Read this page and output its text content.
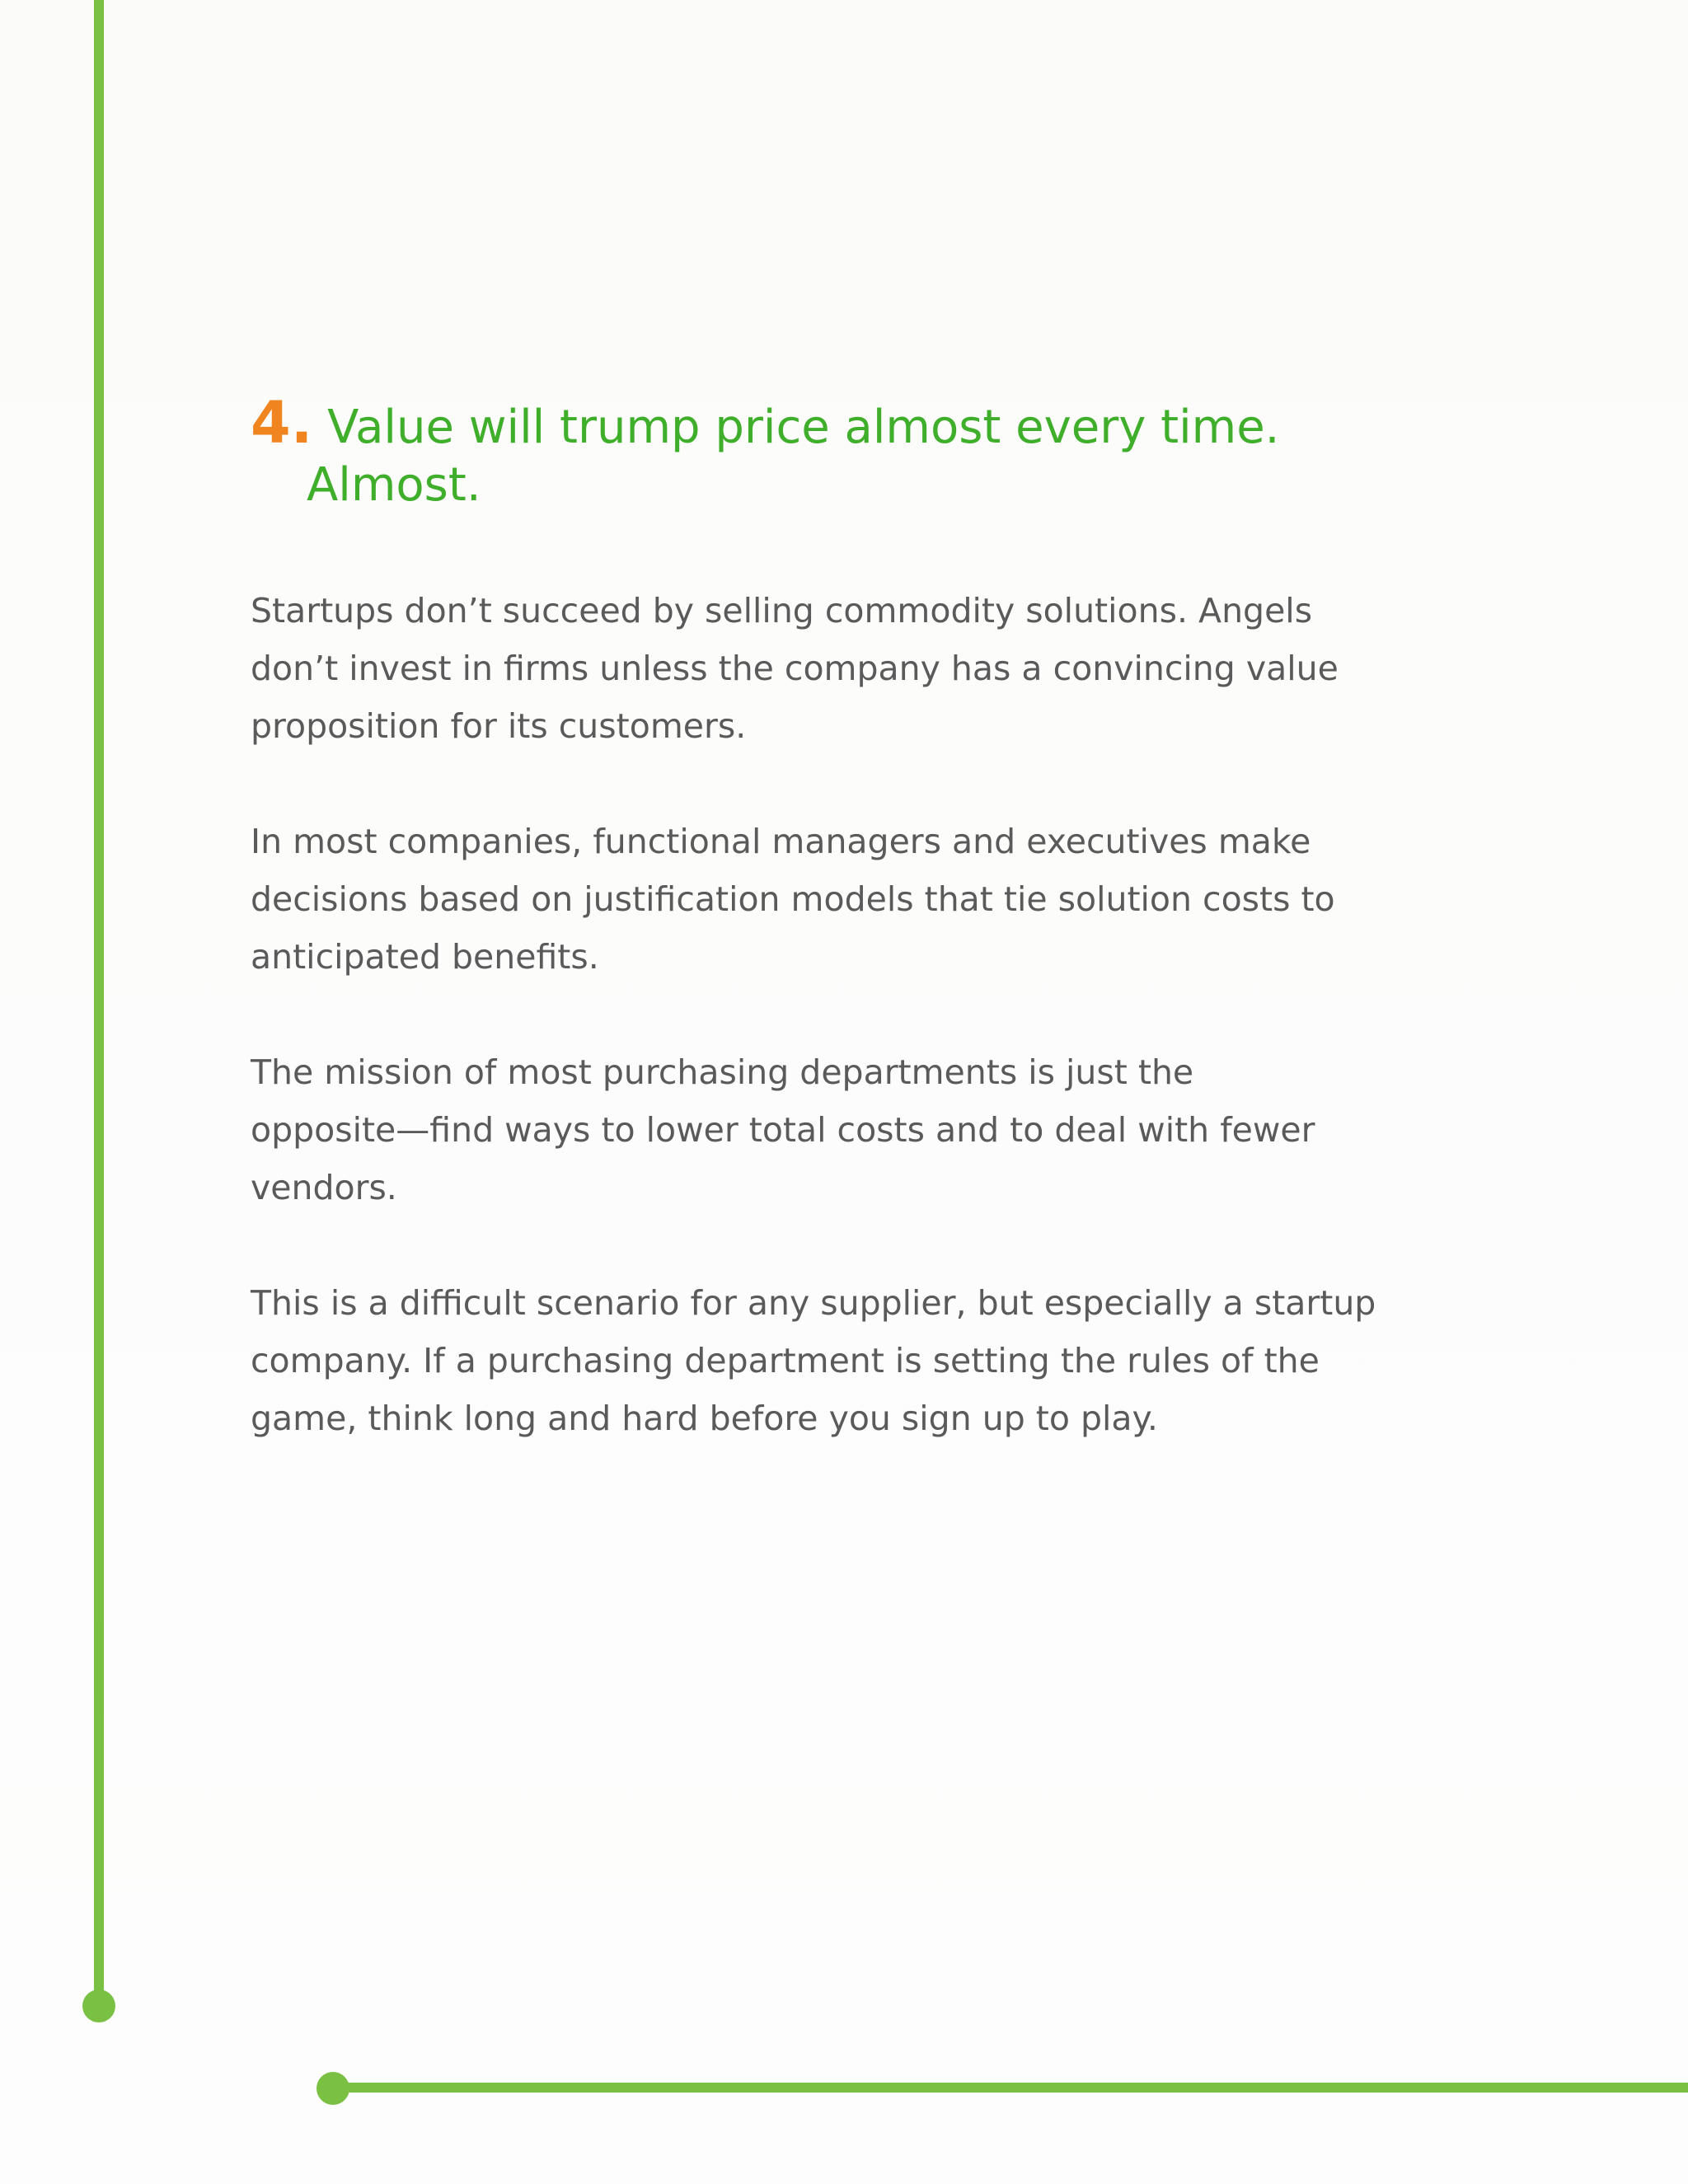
4. Value will trump price almost every time.
Almost.

Startups don’t succeed by selling commodity solutions. Angels
don’t invest in firms unless the company has a convincing value
proposition for its customers.

In most companies, functional managers and executives make
decisions based on justification models that tie solution costs to
anticipated benefits.

The mission of most purchasing departments is just the
opposite—find ways to lower total costs and to deal with fewer
vendors.

This is a difficult scenario for any supplier, but especially a startup
company. If a purchasing department is setting the rules of the
game, think long and hard before you sign up to play.
